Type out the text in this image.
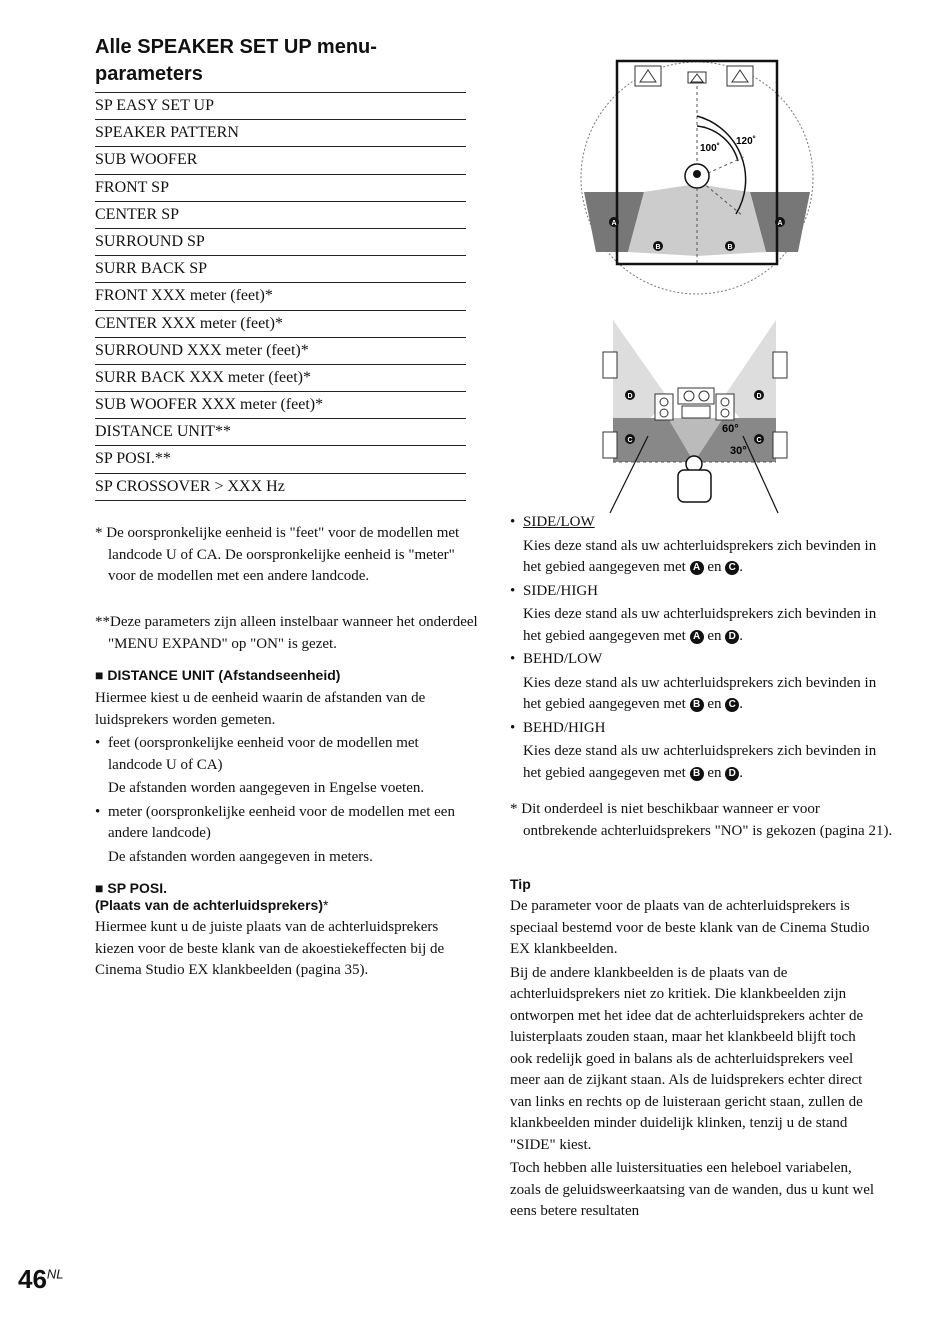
Alle SPEAKER SET UP menu-parameters
SP EASY SET UP
SPEAKER PATTERN
SUB WOOFER
FRONT SP
CENTER SP
SURROUND SP
SURR BACK SP
FRONT XXX meter (feet)*
CENTER XXX meter (feet)*
SURROUND XXX meter (feet)*
SURR BACK XXX meter (feet)*
SUB WOOFER XXX meter (feet)*
DISTANCE UNIT**
SP POSI.**
SP CROSSOVER > XXX Hz
* De oorspronkelijke eenheid is "feet" voor de modellen met landcode U of CA. De oorspronkelijke eenheid is "meter" voor de modellen met een andere landcode.
**Deze parameters zijn alleen instelbaar wanneer het onderdeel "MENU EXPAND" op "ON" is gezet.
■ DISTANCE UNIT (Afstandseenheid)
Hiermee kiest u de eenheid waarin de afstanden van de luidsprekers worden gemeten.
• feet (oorspronkelijke eenheid voor de modellen met landcode U of CA)
De afstanden worden aangegeven in Engelse voeten.
• meter (oorspronkelijke eenheid voor de modellen met een andere landcode)
De afstanden worden aangegeven in meters.
■ SP POSI.
(Plaats van de achterluidsprekers)*
Hiermee kunt u de juiste plaats van de achterluidsprekers kiezen voor de beste klank van de akoestiekeffecten bij de Cinema Studio EX klankbeelden (pagina 35).
100˚
120˚
A	A
B	B
60°
30°
D	D
C	C
• SIDE/LOW
Kies deze stand als uw achterluidsprekers zich bevinden in het gebied aangegeven met A en C .
• SIDE/HIGH
Kies deze stand als uw achterluidsprekers zich bevinden in het gebied aangegeven met A en D .
• BEHD/LOW
Kies deze stand als uw achterluidsprekers zich bevinden in het gebied aangegeven met B en C .
• BEHD/HIGH
Kies deze stand als uw achterluidsprekers zich bevinden in het gebied aangegeven met B en D .
* Dit onderdeel is niet beschikbaar wanneer er voor ontbrekende achterluidsprekers "NO" is gekozen (pagina 21).
Tip
De parameter voor de plaats van de achterluidsprekers is speciaal bestemd voor de beste klank van de Cinema Studio EX klankbeelden.
Bij de andere klankbeelden is de plaats van de achterluidsprekers niet zo kritiek. Die klankbeelden zijn ontworpen met het idee dat de achterluidsprekers achter de luisterplaats zouden staan, maar het klankbeeld blijft toch ook redelijk goed in balans als de achterluidsprekers veel meer aan de zijkant staan. Als de luidsprekers echter direct van links en rechts op de luisteraan gericht staan, zullen de klankbeelden minder duidelijk klinken, tenzij u de stand "SIDE" kiest.
Toch hebben alle luistersituaties een heleboel variabelen, zoals de geluidsweerkaatsing van de wanden, dus u kunt wel eens betere resultaten
$46^{NL}$
